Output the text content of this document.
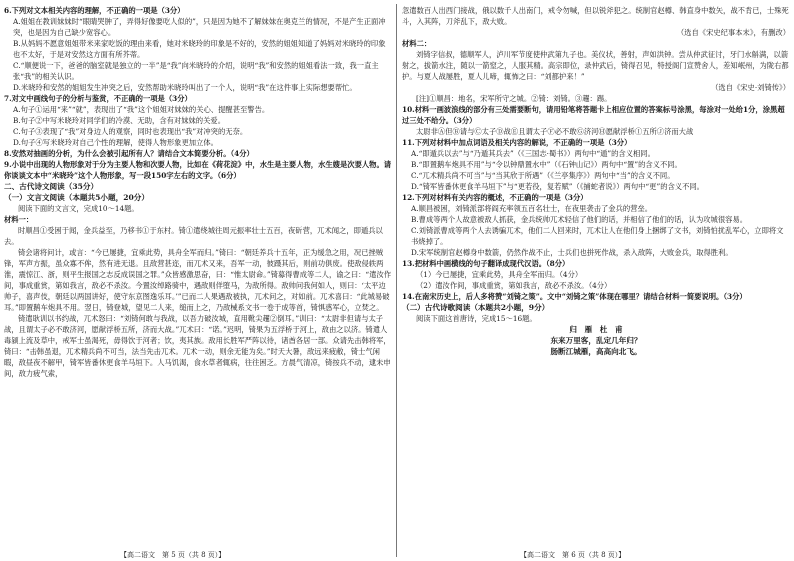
6.下列对文本相关内容的理解，不正确的一项是（3分）

A.姐姐在教训妹妹时“眼睛哭肿了，弄得好像要吃人似的”，只是因为她不了解妹妹在奥克兰的情况，不是产生正面冲突，也是因为自己缺少宽容心。

B.从妈妈不愿意姐姐带米来家吃饭的理由来看，她对米晓玲的印象是不好的，安然的姐姐知道了妈妈对米晓玲的印象也不太好，于是对安然这方面有所芥蒂。

C.“顺便说一下，爸爸的脑室就是独立的一半”是“我”向米晓玲的介绍，说明“我”和安然的姐姐看法一致，我一直主张“我”的相关认识。

D.米晓玲和安然的姐姐发生冲突之后，安然帮助米晓玲叫出了一个人，说明“我”在这件事上实际想要帮忙。

7.对文中画线句子的分析与鉴赏，不正确的一项是（3分）

A.句子①运用“来”“就”，表现出了“我”这个姐姐对妹妹的关心、提醒甚至警告。

B.句子②中写米晓玲对同学们的冷漠、无助，含有对妹妹的关爱。

C.句子③表现了“我”对身边人的观察，同时也表现出“我”对冲突的无奈。

D.句子④写米晓玲对自己个性的理解，使得人物形象更加立体。

8.安然对抽画的分析，为什么会被引起所有人？请结合文本简要分析。（4分）

9.小说中出现的人物形象对于分为主要人物和次要人物，比如在《荷花淀》中，水生是主要人物，水生嫂是次要人物。请你谈谈文本中“米晓玲”这个人物形象，写一段150字左右的文字。（6分）

二、古代诗文阅读（35分）

（一）文言文阅读（本题共5小题，20分）

阅读下面的文言文，完成10～14题。

材料一：

时顺昌①受困于闻，金兵益至，乃移书①于东村。锜①遣绕城往周元振率壮士五百，夜斫营，兀术闻之，即遁兵以去。

锜会诸将问计，或言：“今已屡捷，宜乘此势，具舟全军而归。”锜曰：“朝廷养兵十五年，正为缓急之用，况已挫贼锋，军声方振，虽众寡不侔，然有进无退。且敌营甚迩，而兀术又来，吾军一动，彼蹑其后，则前功俱废。使敌侵轶两淮，震惊江、浙，则平生报国之志反成误国之罪。”众皆感激思奋，曰：“惟太尉命。”锜募得曹成等二人，谕之曰：“遣汝作间，事成重赏，第如我言，敌必不杀汝。今置汝绰路骑中，遇敌则佯堕马，为敌所得。敌帅问我何如人，则曰：‘太平边帅子，喜声伎，朝廷以两国讲好，使守东京图逸乐耳。’”已而二人果遇敌被执，兀术问之，对如前。兀术喜曰：“此城易破耳。”即置鹅车炮具不用。翌日，锜登城，望见二人来，缒而上之，乃敌械系文书一卷于成等首，锜惧惑军心，立焚之。

锜遣耿训以书约战，兀术怒曰：“刘锜何敢与我战，以吾力破汝城，直用靴尖趯②倒耳。”训曰：“太尉非但请与太子战，且谓太子必不敢济河，愿献浮桥五所，济而大战。”兀术曰：“诺。”迟明，锜果为五浮桥于河上，敌由之以济。锜遣人毒颍上流及草中，戒军士虽渴死，毋得饮于河者；饮，夷其族。敌用长胜军严阵以待，诸酋各居一部。众请先击韩将军，锜曰：“击韩虽退，兀术精兵尚不可当，法当先击兀术。兀术一动，则余无能为矣。”时天大暑，敌远来疲敝，锜士气闲暇，敌昼夜不解甲，锜军皆番休更食羊马垣下。人马饥渴，食水草者辄病，往往困乏。方晨气清凉，锜按兵不动，逮未申间，敌力疲气索，

忽遣数百人出西门接战，俄以数千人出南门，戒令勿喊，但以锐斧犯之。统制官赵樽、韩直身中数矢，战不肯已，士殊死斗，入其阵，刀斧乱下，敌大败。

（选自《宋史纪事本末》，有删改）

材料二：

刘锜字信叔，德顺军人，泸川军节度使仲武第九子也。美仪状，善射，声如洪钟。尝从仲武征讨，牙门水斛满，以箭射之，拔箭水注，随以一箭窒之，人服其精。高宗即位，录仲武后，锜得召见，特授阁门宣赞舍人，差知岷州，为陇右都护。与夏人战屡胜，夏人儿啼，辄怖之曰：“刘都护来！”

（选自《宋史·刘锜传》）

[注]①顺昌：地名，宋军所守之城。②锜：刘锜。③趯：踢。

10.材料一画波浪线的部分有三处需要断句，请用铅笔将答题卡上相应位置的答案标号涂黑，每涂对一处给1分，涂黑超过三处不给分。（3分）

太尉非Ⓐ但Ⓑ请与Ⓒ太子Ⓓ战Ⓔ且谓太子Ⓕ必不敢Ⓖ济河Ⓗ愿献浮桥Ⓘ五所Ⓙ济而大战

11.下列对材料中加点词语及相关内容的解说，不正确的一项是（3分）

A.“即遁兵以去”与“乃遁其兵去”（《三国志·蜀书》）两句中“遁”的含义相同。

B.“即置鹅车炮具不用”与“令以钟鼎置水中”（《石钟山记》）两句中“置”的含义不同。

C.“兀术精兵尚不可当”与“当其欣于所遇”（《兰亭集序》）两句中“当”的含义不同。

D.“锜军皆番休更食羊马垣下”与“更若役，复若赋”（《捕蛇者说》）两句中“更”的含义不同。

12.下列对材料有关内容的概述，不正确的一项是（3分）

A.顺昌被困，刘锜派部将阎充率领五百名壮士，在夜里袭击了金兵的营垒。

B.曹成等两个人故意被敌人抓获，金兵统帅兀术轻信了他们的话，并相信了他们的话，认为攻城很容易。

C.刘锜派曹成等两个人去诱骗兀术，他们二人回来时，兀术让人在他们身上捆绑了文书，刘锜怕扰乱军心，立即将文书烧掉了。

D.宋军统制官赵樽身中数箭，仍然作战不止，士兵们也拼死作战，杀入敌阵，大败金兵，取得胜利。

13.把材料中画横线的句子翻译成现代汉语。（8分）

（1）今已屡捷，宜乘此势，具舟全军而归。（4分）

（2）遣汝作间，事成重赏，第如我言，敌必不杀汝。（4分）

14.在南宋历史上，后人多将赞“刘锜之策”。文中“刘锜之策”体现在哪里？请结合材料一简要说明。（3分）

（二）古代诗歌阅读（本题共2小题，9分）

阅读下面这首唐诗，完成15～16题。

归　雁　杜　甫

东来万里客，乱定几年归？

肠断江城雁，高高向北飞。

【高二语文　第 5 页（共 8 页）】	【高二语文　第 6 页（共 8 页）】
